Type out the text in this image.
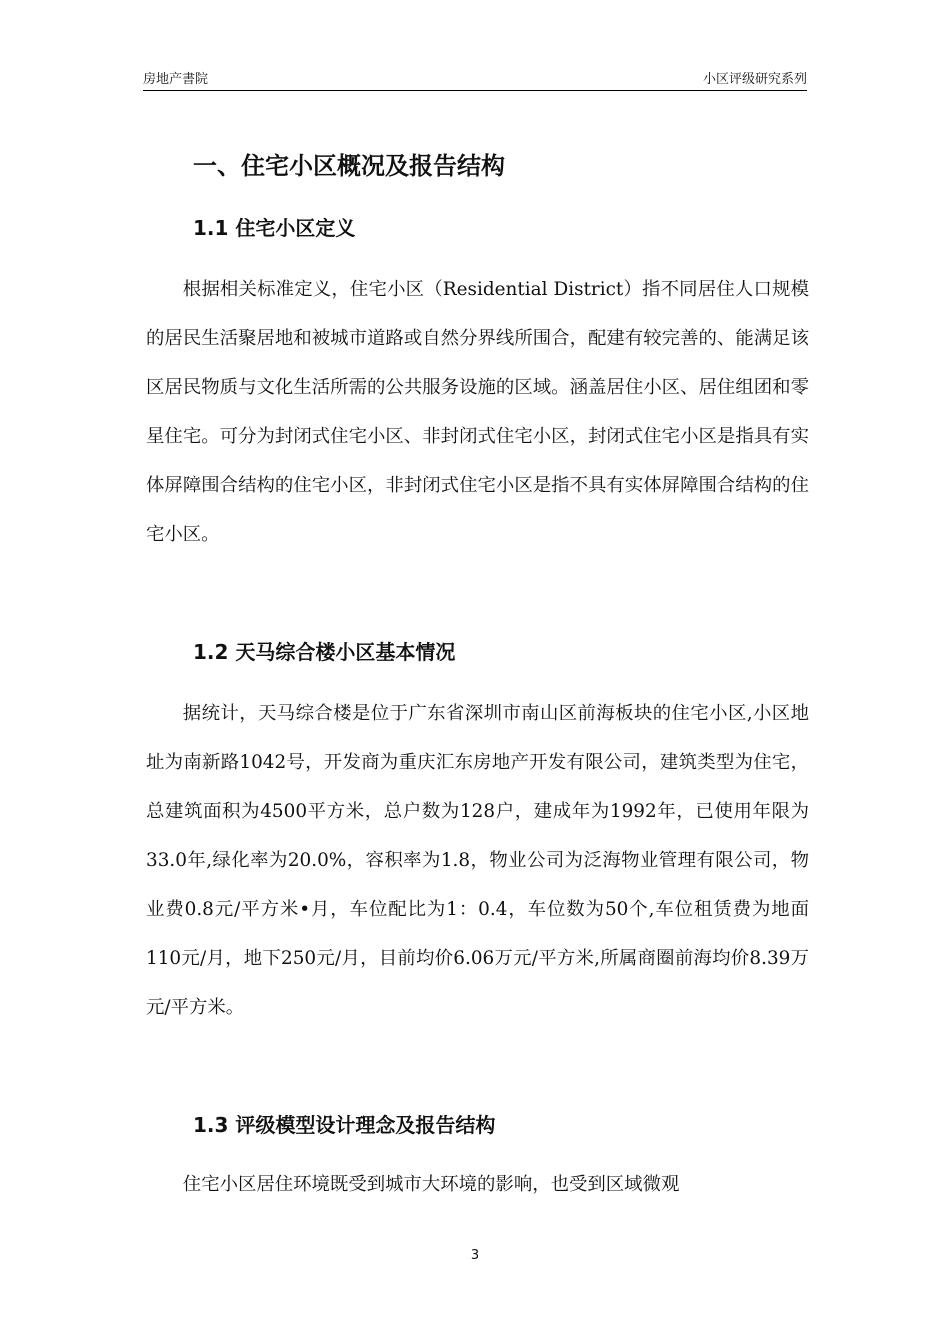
房地产書院	小区评级研究系列
一、住宅小区概况及报告结构
1.1 住宅小区定义

根据相关标准定义，住宅小区（Residential District）指不同居住人口规模的居民生活聚居地和被城市道路或自然分界线所围合，配建有较完善的、能满足该区居民物质与文化生活所需的公共服务设施的区域。涵盖居住小区、居住组团和零星住宅。可分为封闭式住宅小区、非封闭式住宅小区，封闭式住宅小区是指具有实体屏障围合结构的住宅小区，非封闭式住宅小区是指不具有实体屏障围合结构的住宅小区。

1.2 天马综合楼小区基本情况

据统计，天马综合楼是位于广东省深圳市南山区前海板块的住宅小区,小区地址为南新路1042号，开发商为重庆汇东房地产开发有限公司，建筑类型为住宅，总建筑面积为4500平方米，总户数为128户，建成年为1992年，已使用年限为33.0年,绿化率为20.0%，容积率为1.8，物业公司为泛海物业管理有限公司，物业费0.8元/平方米•月，车位配比为1：0.4，车位数为50个,车位租赁费为地面110元/月，地下250元/月，目前均价6.06万元/平方米,所属商圈前海均价8.39万元/平方米。

1.3 评级模型设计理念及报告结构

住宅小区居住环境既受到城市大环境的影响，也受到区域微观

3
